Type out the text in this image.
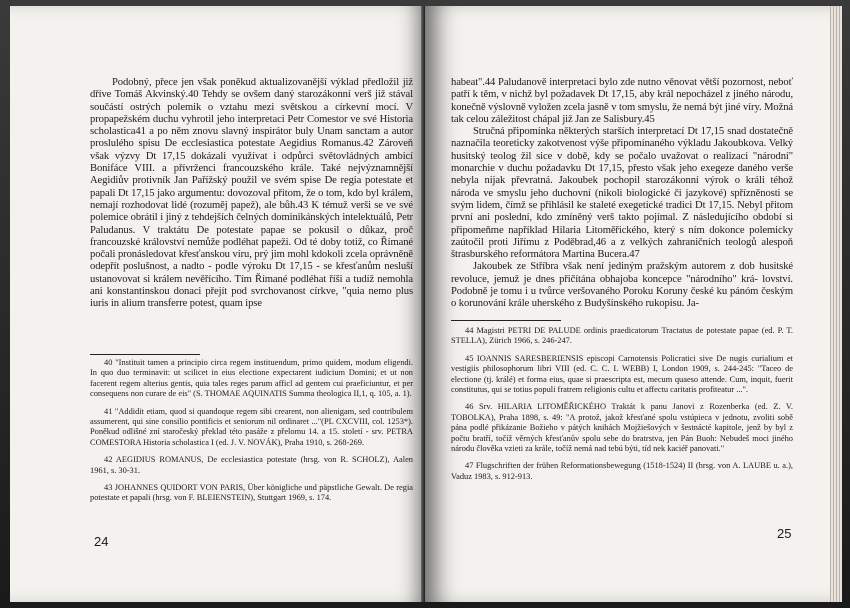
Podobný, přece jen však poněkud aktualizovanější výklad předložil již dříve Tomáš Akvinský.40 Tehdy se ovšem daný starozákonní verš již stával součástí ostrých polemik o vztahu mezi světskou a církevní mocí. V propapežském duchu vyhrotil jeho interpretaci Petr Comestor ve své Historia scholastica41 a po něm znovu slavný inspirátor buly Unam sanctam a autor proslulého spisu De ecclesiastica potestate Aegidius Romanus.42 Zároveň však výzvy Dt 17,15 dokázali využívat i odpůrci světovládných ambicí Bonifáce VIII. a přívrženci francouzského krále. Také nejvýznamnější Aegidiův protivník Jan Pařížský použil ve svém spise De regia potestate et papali Dt 17,15 jako argumentu: dovozoval přitom, že o tom, kdo byl králem, nemají rozhodovat lidé (rozuměj papež), ale bůh.43 K témuž verši se ve své polemice obrátil i jiný z tehdejších čelných dominikánských intelektuálů, Petr Paludanus. V traktátu De potestate papae se pokusil o důkaz, proč francouzské království nemůže podléhat papeži. Od té doby totiž, co Římané počali pronásledovat křesťanskou víru, prý jim mohl kdokoli zcela oprávněně odepřít poslušnost, a nadto - podle výroku Dt 17,15 - se křesťanům nesluší ustanovovat si králem nevěřícího. Tím Římané podléhat říši a tudíž nemohla ani konstantinskou donaci přejít pod svrchovanost církve, "quia nemo plus iuris in alium transferre potest, quam ipse

40 "Instituit tamen a principio circa regem instituendum, primo quidem, modum eligendi. In quo duo terminavit: ut scilicet in eius electione expectarent iudicium Domini; et ut non facerent regem alterius gentis, quia tales reges parum afficl ad gentem cui praeficiuntur, et per consequens non curare de eis" (S. THOMAE AQUINATIS Summa theologica II,1, q. 105, a. 1).

41 "Addidit etiam, quod si quandoque regem sibi crearent, non alienigam, sed contribulem assumerent, qui sine consilio pontificis et seniorum nil ordinaret ..."(PL CXCVIII, col. 1253*). Poněkud odlišné zní staročeský překlad této pasáže z přelomu 14. a 15. století - srv. PETRA COMESTORA Historia scholastica I (ed. J. V. NOVÁK), Praha 1910, s. 268-269.

42 AEGIDIUS ROMANUS, De ecclesiastica potestate (hrsg. von R. SCHOLZ), Aalen 1961, s. 30-31.

43 JOHANNES QUIDORT VON PARIS, Über königliche und päpstliche Gewalt. De regia potestate et papali (hrsg. von F. BLEIENSTEIN), Stuttgart 1969, s. 174.

24

habeat".44 Paludanově interpretaci bylo zde nutno věnovat větší pozornost, neboť patří k těm, v nichž byl požadavek Dt 17,15, aby král nepocházel z jiného národu, konečně výslovně vyložen zcela jasně v tom smyslu, že nemá být jiné víry. Možná tak celou záležitost chápal již Jan ze Salisbury.45

Stručná připomínka některých starších interpretací Dt 17,15 snad dostatečně naznačila teoreticky zakotvenost výše připomínaného výkladu Jakoubkova. Velký husitský teolog žil sice v době, kdy se počalo uvažovat o realizaci "národní" monarchie v duchu požadavku Dt 17,15, přesto však jeho exegeze daného verše nebyla nijak převratná. Jakoubek pochopil starozákonní výrok o králi téhož národa ve smyslu jeho duchovní (nikoli biologické či jazykové) spřízněnosti se svým lidem, čímž se přihlásil ke staleté exegetické tradici Dt 17,15. Nebyl přitom první ani poslední, kdo zmíněný verš takto pojímal. Z následujícího období si připomeňme například Hilaria Litoměřického, který s ním dokonce polemicky zaútočil proti Jiřímu z Poděbrad,46 a z velkých zahraničních teologů alespoň štrasburského reformátora Martina Bucera.47

Jakoubek ze Stříbra však není jediným pražským autorem z dob husitské revoluce, jemuž je dnes přičítána obhajoba koncepce "národního" krá- lovství. Podobně je tomu i u tvůrce veršovaného Poroku Koruny české ku pánóm českým o korunování krále uherského z Budyšínského rukopisu. Ja-

44 Magistri PETRI DE PALUDE ordinis praedicatorum Tractatus de potestate papae (ed. P. T. STELLA), Zürich 1966, s. 246-247.

45 IOANNIS SARESBERIENSIS episcopi Carnotensis Policratici sive De nugis curialium et vestigiis philosophorum libri VIII (ed. C. C. I. WEBB) I, London 1909, s. 244-245: "Taceo de electione (tj. králé) et forma eius, quae si praescripta est, mecum quaeso attende. Cum, inquit, fuerit constitutus, qui se totius populi fratrem religionis cultu et affectu caritatis profiteatur ...".

46 Srv. HILARIA LITOMĚŘICKÉHO Traktát k panu Janovi z Rozenberka (ed. Z. V. TOBOLKA), Praha 1898, s. 49: "A protož, jakož křesťané spolu vstúpieca v jednotu, zvoliti sobě pána podlé přikázanie Božieho v pátých knihách Mojžiešových v šestnácté kapitole, jenž by byl z počtu bratří, točíž věrných křesťanův spolu sebe do bratrstva, jen Pán Buoh: Nebudeš moci jiného národu člověka vzieti za krále, točíž nemá nad tebú býti, tíd nek kaciéř panovati."

47 Flugschriften der frühen Reformationsbewegung (1518-1524) II (hrsg. von A. LAUBE u. a.), Vaduz 1983, s. 912-913.

25
